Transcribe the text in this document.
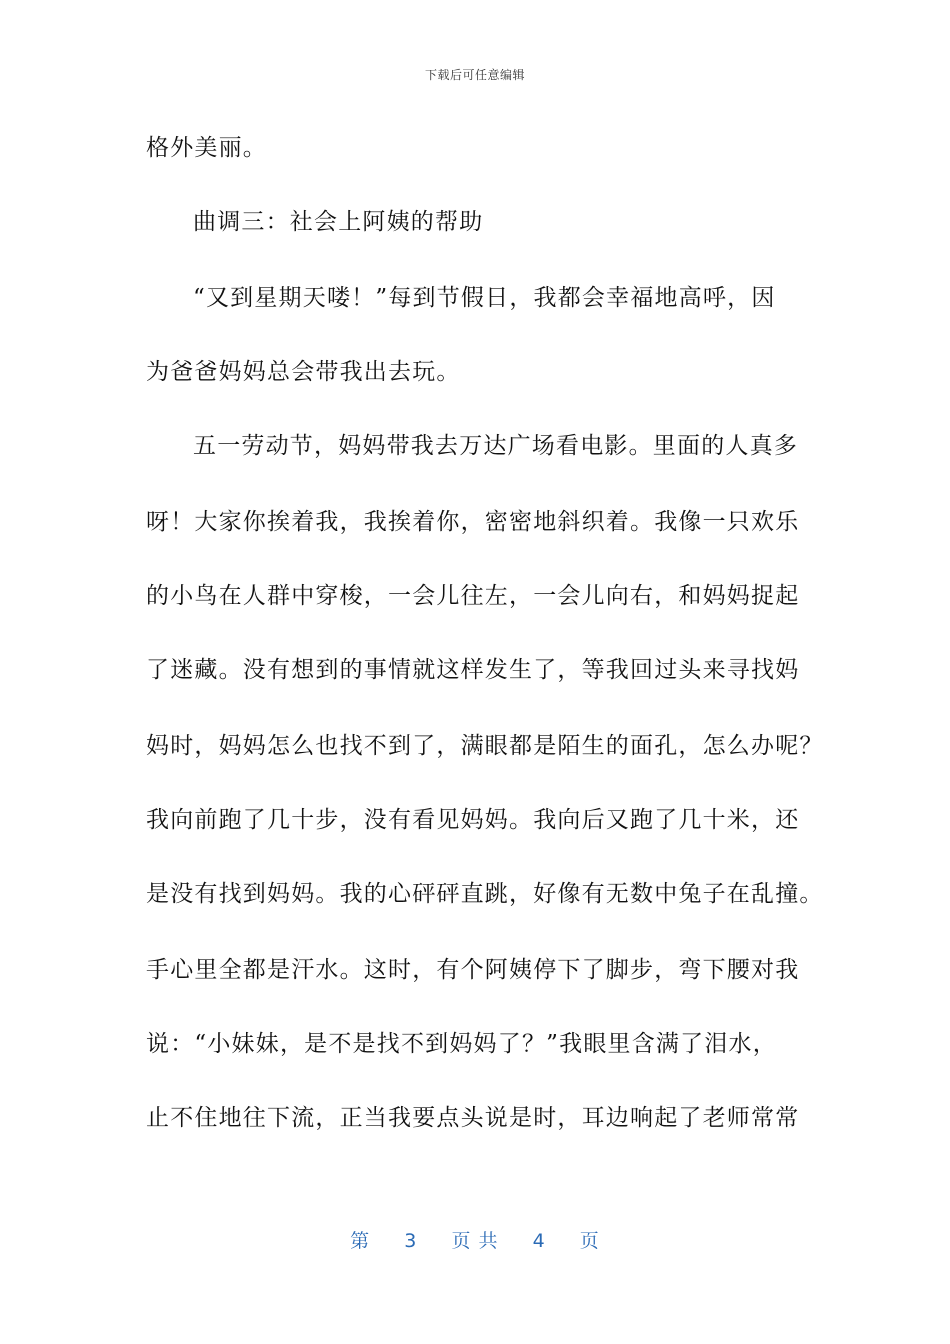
下载后可任意编辑
格外美丽。
曲调三：社会上阿姨的帮助
“又到星期天喽！”每到节假日，我都会幸福地高呼，因
为爸爸妈妈总会带我出去玩。
五一劳动节，妈妈带我去万达广场看电影。里面的人真多
呀！大家你挨着我，我挨着你，密密地斜织着。我像一只欢乐
的小鸟在人群中穿梭，一会儿往左，一会儿向右，和妈妈捉起
了迷藏。没有想到的事情就这样发生了，等我回过头来寻找妈
妈时，妈妈怎么也找不到了，满眼都是陌生的面孔，怎么办呢？
我向前跑了几十步，没有看见妈妈。我向后又跑了几十米，还
是没有找到妈妈。我的心砰砰直跳，好像有无数中兔子在乱撞。
手心里全都是汗水。这时，有个阿姨停下了脚步，弯下腰对我
说：“小妹妹，是不是找不到妈妈了？”我眼里含满了泪水，
止不住地往下流，正当我要点头说是时，耳边响起了老师常常
第 3 页 共 4 页
